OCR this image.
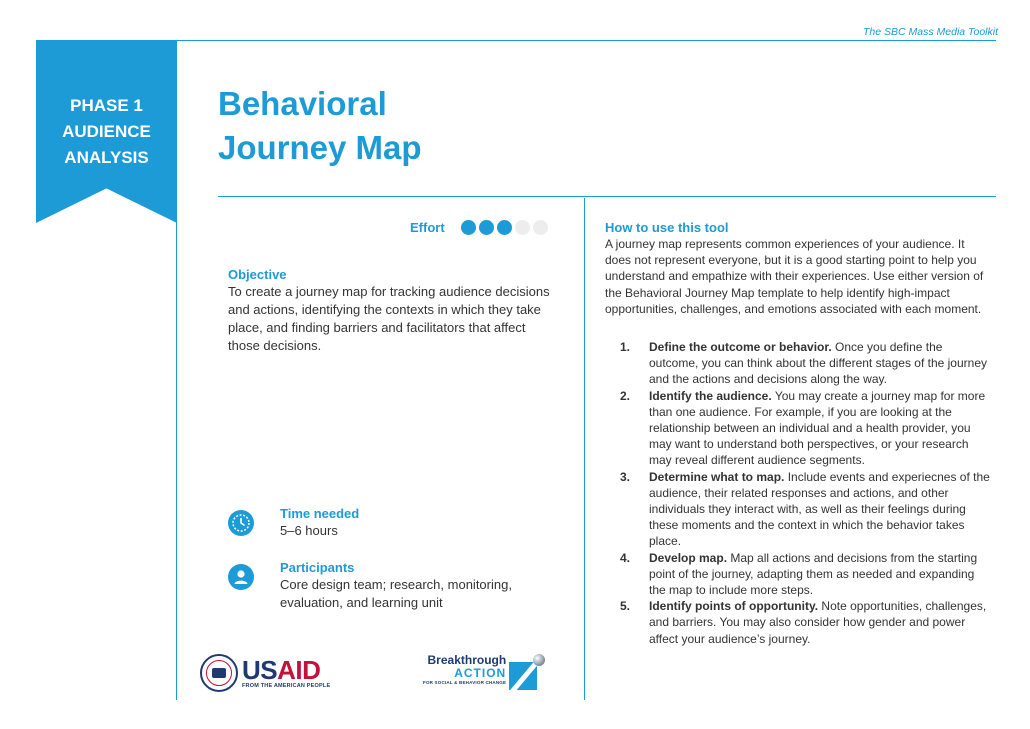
The SBC Mass Media Toolkit
PHASE 1
AUDIENCE
ANALYSIS
Behavioral
Journey Map
Effort
Objective
To create a journey map for tracking audience decisions and actions, identifying the contexts in which they take place, and finding barriers and facilitators that affect those decisions.
Time needed
5–6 hours
Participants
Core design team; research, monitoring, evaluation, and learning unit
USAID
FROM THE AMERICAN PEOPLE
Breakthrough
ACTION
FOR SOCIAL & BEHAVIOR CHANGE
How to use this tool
A journey map represents common experiences of your audience. It does not represent everyone, but it is a good starting point to help you understand and empathize with their experiences. Use either version of the Behavioral Journey Map template to help identify high-impact opportunities, challenges, and emotions associated with each moment.
1.	Define the outcome or behavior. Once you define the outcome, you can think about the different stages of the journey and the actions and decisions along the way.
2.	Identify the audience. You may create a journey map for more than one audience. For example, if you are looking at the relationship between an individual and a health provider, you may want to understand both perspectives, or your research may reveal different audience segments.
3.	Determine what to map. Include events and experiecnes of the audience, their related responses and actions, and other individuals they interact with, as well as their feelings during these moments and the context in which the behavior takes place.
4.	Develop map. Map all actions and decisions from the starting point of the journey, adapting them as needed and expanding the map to include more steps.
5.	Identify points of opportunity. Note opportunities, challenges, and barriers. You may also consider how gender and power affect your audience’s journey.
